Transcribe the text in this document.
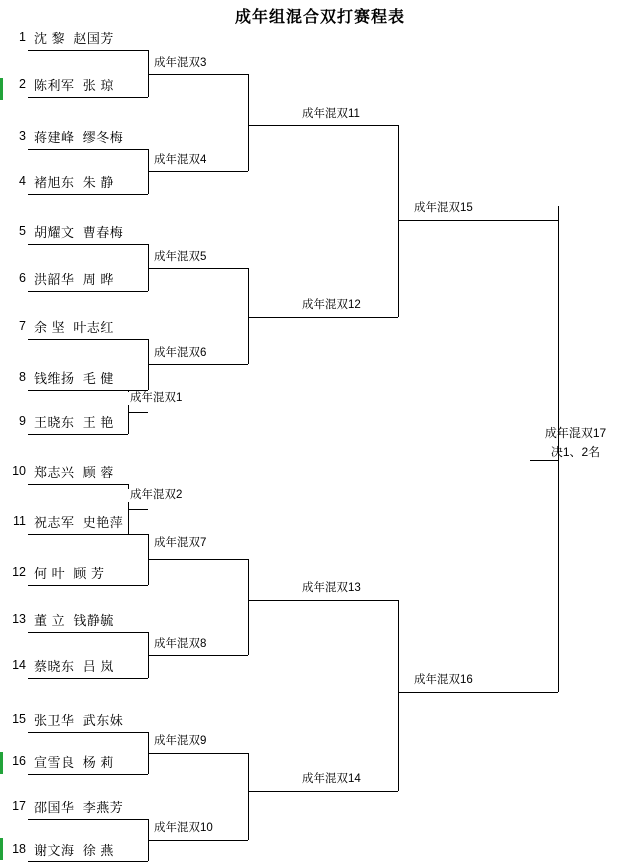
成年组混合双打赛程表
1 沈 黎  赵国芳
2 陈利军  张 琼
3 蒋建峰  缪冬梅
4 褚旭东  朱 静
5 胡耀文  曹春梅
6 洪韶华  周 晔
7 余 坚  叶志红
8 钱维扬  毛 健
9 王晓东  王 艳
10 郑志兴  顾 蓉
11 祝志军  史艳萍
12 何 叶  顾 芳
13 董 立  钱静毓
14 蔡晓东  吕 岚
15 张卫华  武东妹
16 宣雪良  杨 莉
17 邵国华  李燕芳
18 谢文海  徐 燕
成年混双3
成年混双4
成年混双5
成年混双6
成年混双1
成年混双2
成年混双7
成年混双8
成年混双9
成年混双10
成年混双11
成年混双12
成年混双13
成年混双14
成年混双15
成年混双16
成年混双17
决1、2名
